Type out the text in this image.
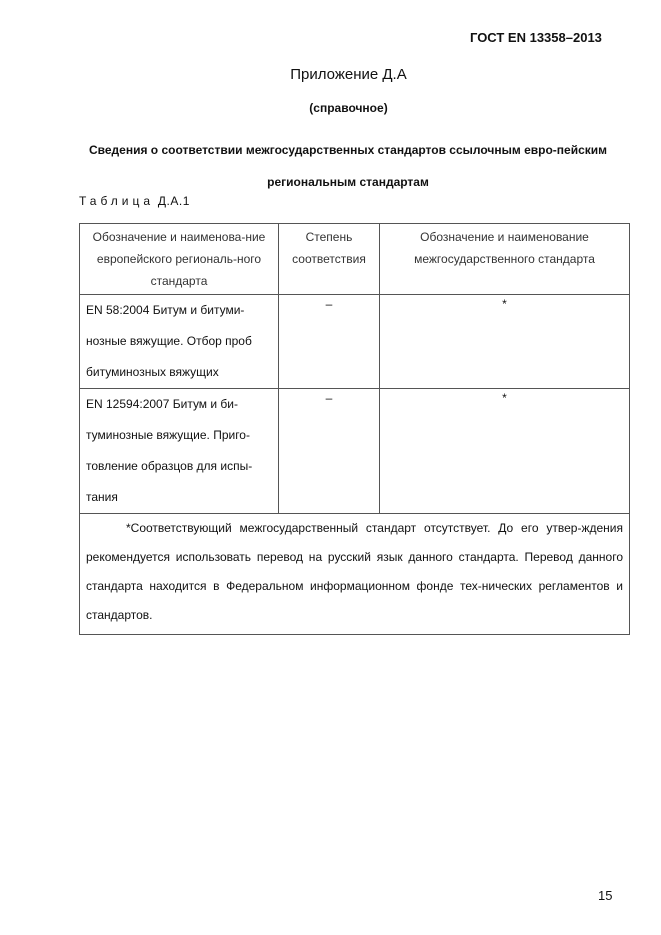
ГОСТ EN 13358–2013
Приложение Д.А
(справочное)
Сведения о соответствии межгосударственных стандартов ссылочным евро-пейским региональным стандартам
Таблица Д.А.1
Обозначение и наименова-ние европейского региональ-ного стандарта	Степень соответствия	Обозначение и наименование межгосударственного стандарта
EN 58:2004 Битум и битуми-нозные вяжущие. Отбор проб битуминозных вяжущих	–	*
EN 12594:2007 Битум и би-туминозные вяжущие. Приго-товление образцов для испы-тания	–	*
*Соответствующий межгосударственный стандарт отсутствует. До его утвер-ждения рекомендуется использовать перевод на русский язык данного стандарта. Перевод данного стандарта находится в Федеральном информационном фонде тех-нических регламентов и стандартов.		
15
